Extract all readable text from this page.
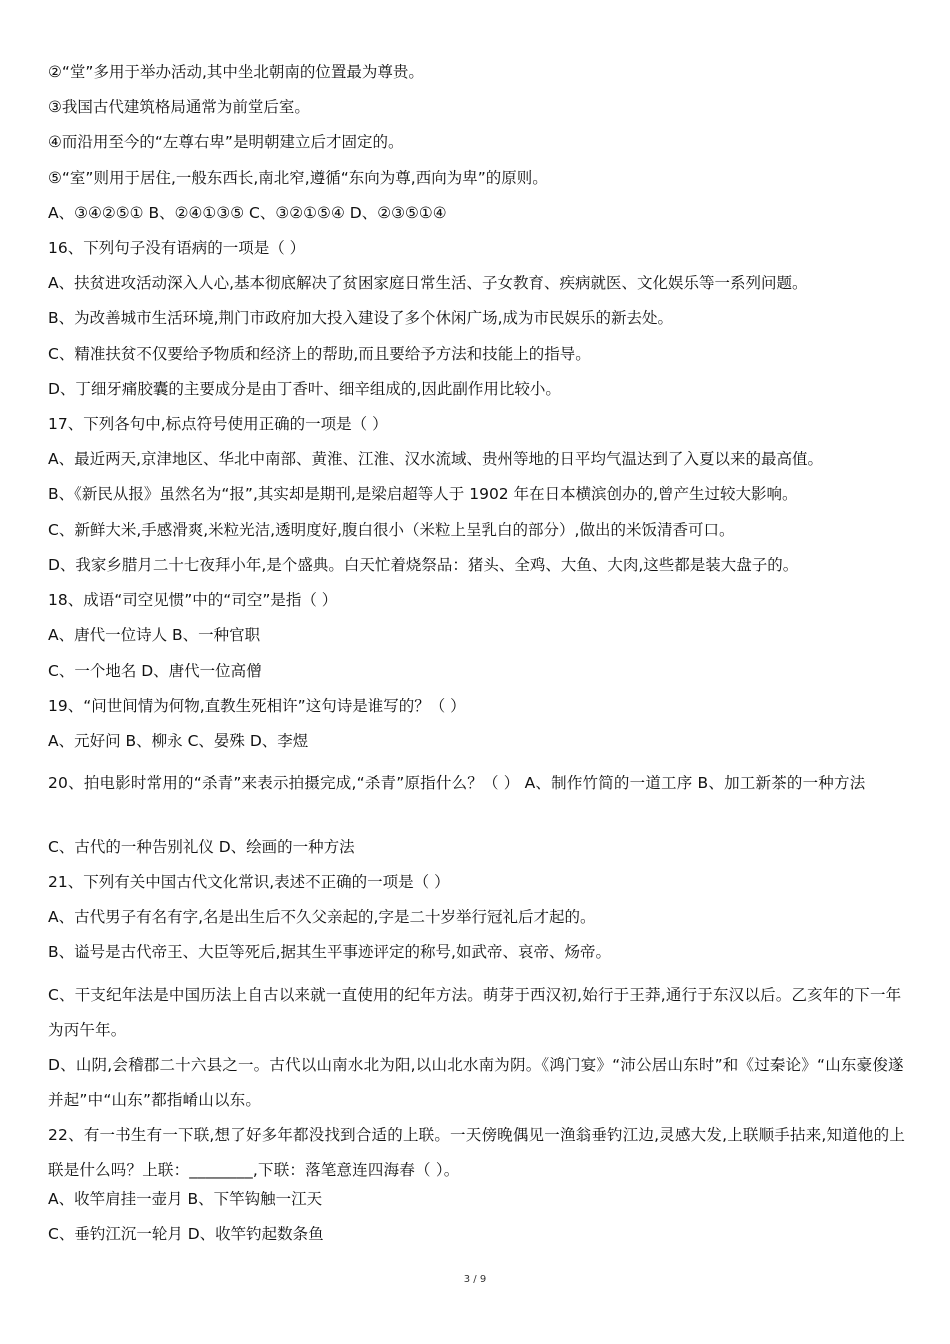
②“堂”多用于举办活动,其中坐北朝南的位置最为尊贵。
③我国古代建筑格局通常为前堂后室。
④而沿用至今的“左尊右卑”是明朝建立后才固定的。
⑤“室”则用于居住,一般东西长,南北窄,遵循“东向为尊,西向为卑”的原则。
A、③④②⑤① B、②④①③⑤ C、③②①⑤④ D、②③⑤①④
16、下列句子没有语病的一项是（ ）
A、扶贫进攻活动深入人心,基本彻底解决了贫困家庭日常生活、子女教育、疾病就医、文化娱乐等一系列问题。
B、为改善城市生活环境,荆门市政府加大投入建设了多个休闲广场,成为市民娱乐的新去处。
C、精准扶贫不仅要给予物质和经济上的帮助,而且要给予方法和技能上的指导。
D、丁细牙痛胶囊的主要成分是由丁香叶、细辛组成的,因此副作用比较小。
17、下列各句中,标点符号使用正确的一项是（ ）
A、最近两天,京津地区、华北中南部、黄淮、江淮、汉水流域、贵州等地的日平均气温达到了入夏以来的最高值。
B、《新民从报》虽然名为“报”,其实却是期刊,是梁启超等人于 1902 年在日本横滨创办的,曾产生过较大影响。
C、新鲜大米,手感滑爽,米粒光洁,透明度好,腹白很小（米粒上呈乳白的部分）,做出的米饭清香可口。
D、我家乡腊月二十七夜拜小年,是个盛典。白天忙着烧祭品：猪头、全鸡、大鱼、大肉,这些都是装大盘子的。
18、成语“司空见惯”中的“司空”是指（ ）
A、唐代一位诗人 B、一种官职
C、一个地名 D、唐代一位高僧
19、“问世间情为何物,直教生死相许”这句诗是谁写的？（ ）
A、元好问 B、柳永 C、晏殊 D、李煜
20、拍电影时常用的“杀青”来表示拍摄完成,“杀青”原指什么？（ ） A、制作竹简的一道工序 B、加工新茶的一种方法
C、古代的一种告别礼仪 D、绘画的一种方法
21、下列有关中国古代文化常识,表述不正确的一项是（ ）
A、古代男子有名有字,名是出生后不久父亲起的,字是二十岁举行冠礼后才起的。
B、谥号是古代帝王、大臣等死后,据其生平事迹评定的称号,如武帝、哀帝、炀帝。
C、干支纪年法是中国历法上自古以来就一直使用的纪年方法。萌芽于西汉初,始行于王莽,通行于东汉以后。乙亥年的下一年为丙午年。
D、山阴,会稽郡二十六县之一。古代以山南水北为阳,以山北水南为阴。《鸿门宴》“沛公居山东时”和《过秦论》“山东豪俊遂并起”中“山东”都指崤山以东。
22、有一书生有一下联,想了好多年都没找到合适的上联。一天傍晚偶见一渔翁垂钓江边,灵感大发,上联顺手拈来,知道他的上联是什么吗？上联：________,下联：落笔意连四海春（ ）。
A、收竿肩挂一壶月 B、下竿钩触一江天
C、垂钓江沉一轮月 D、收竿钓起数条鱼
3 / 9
